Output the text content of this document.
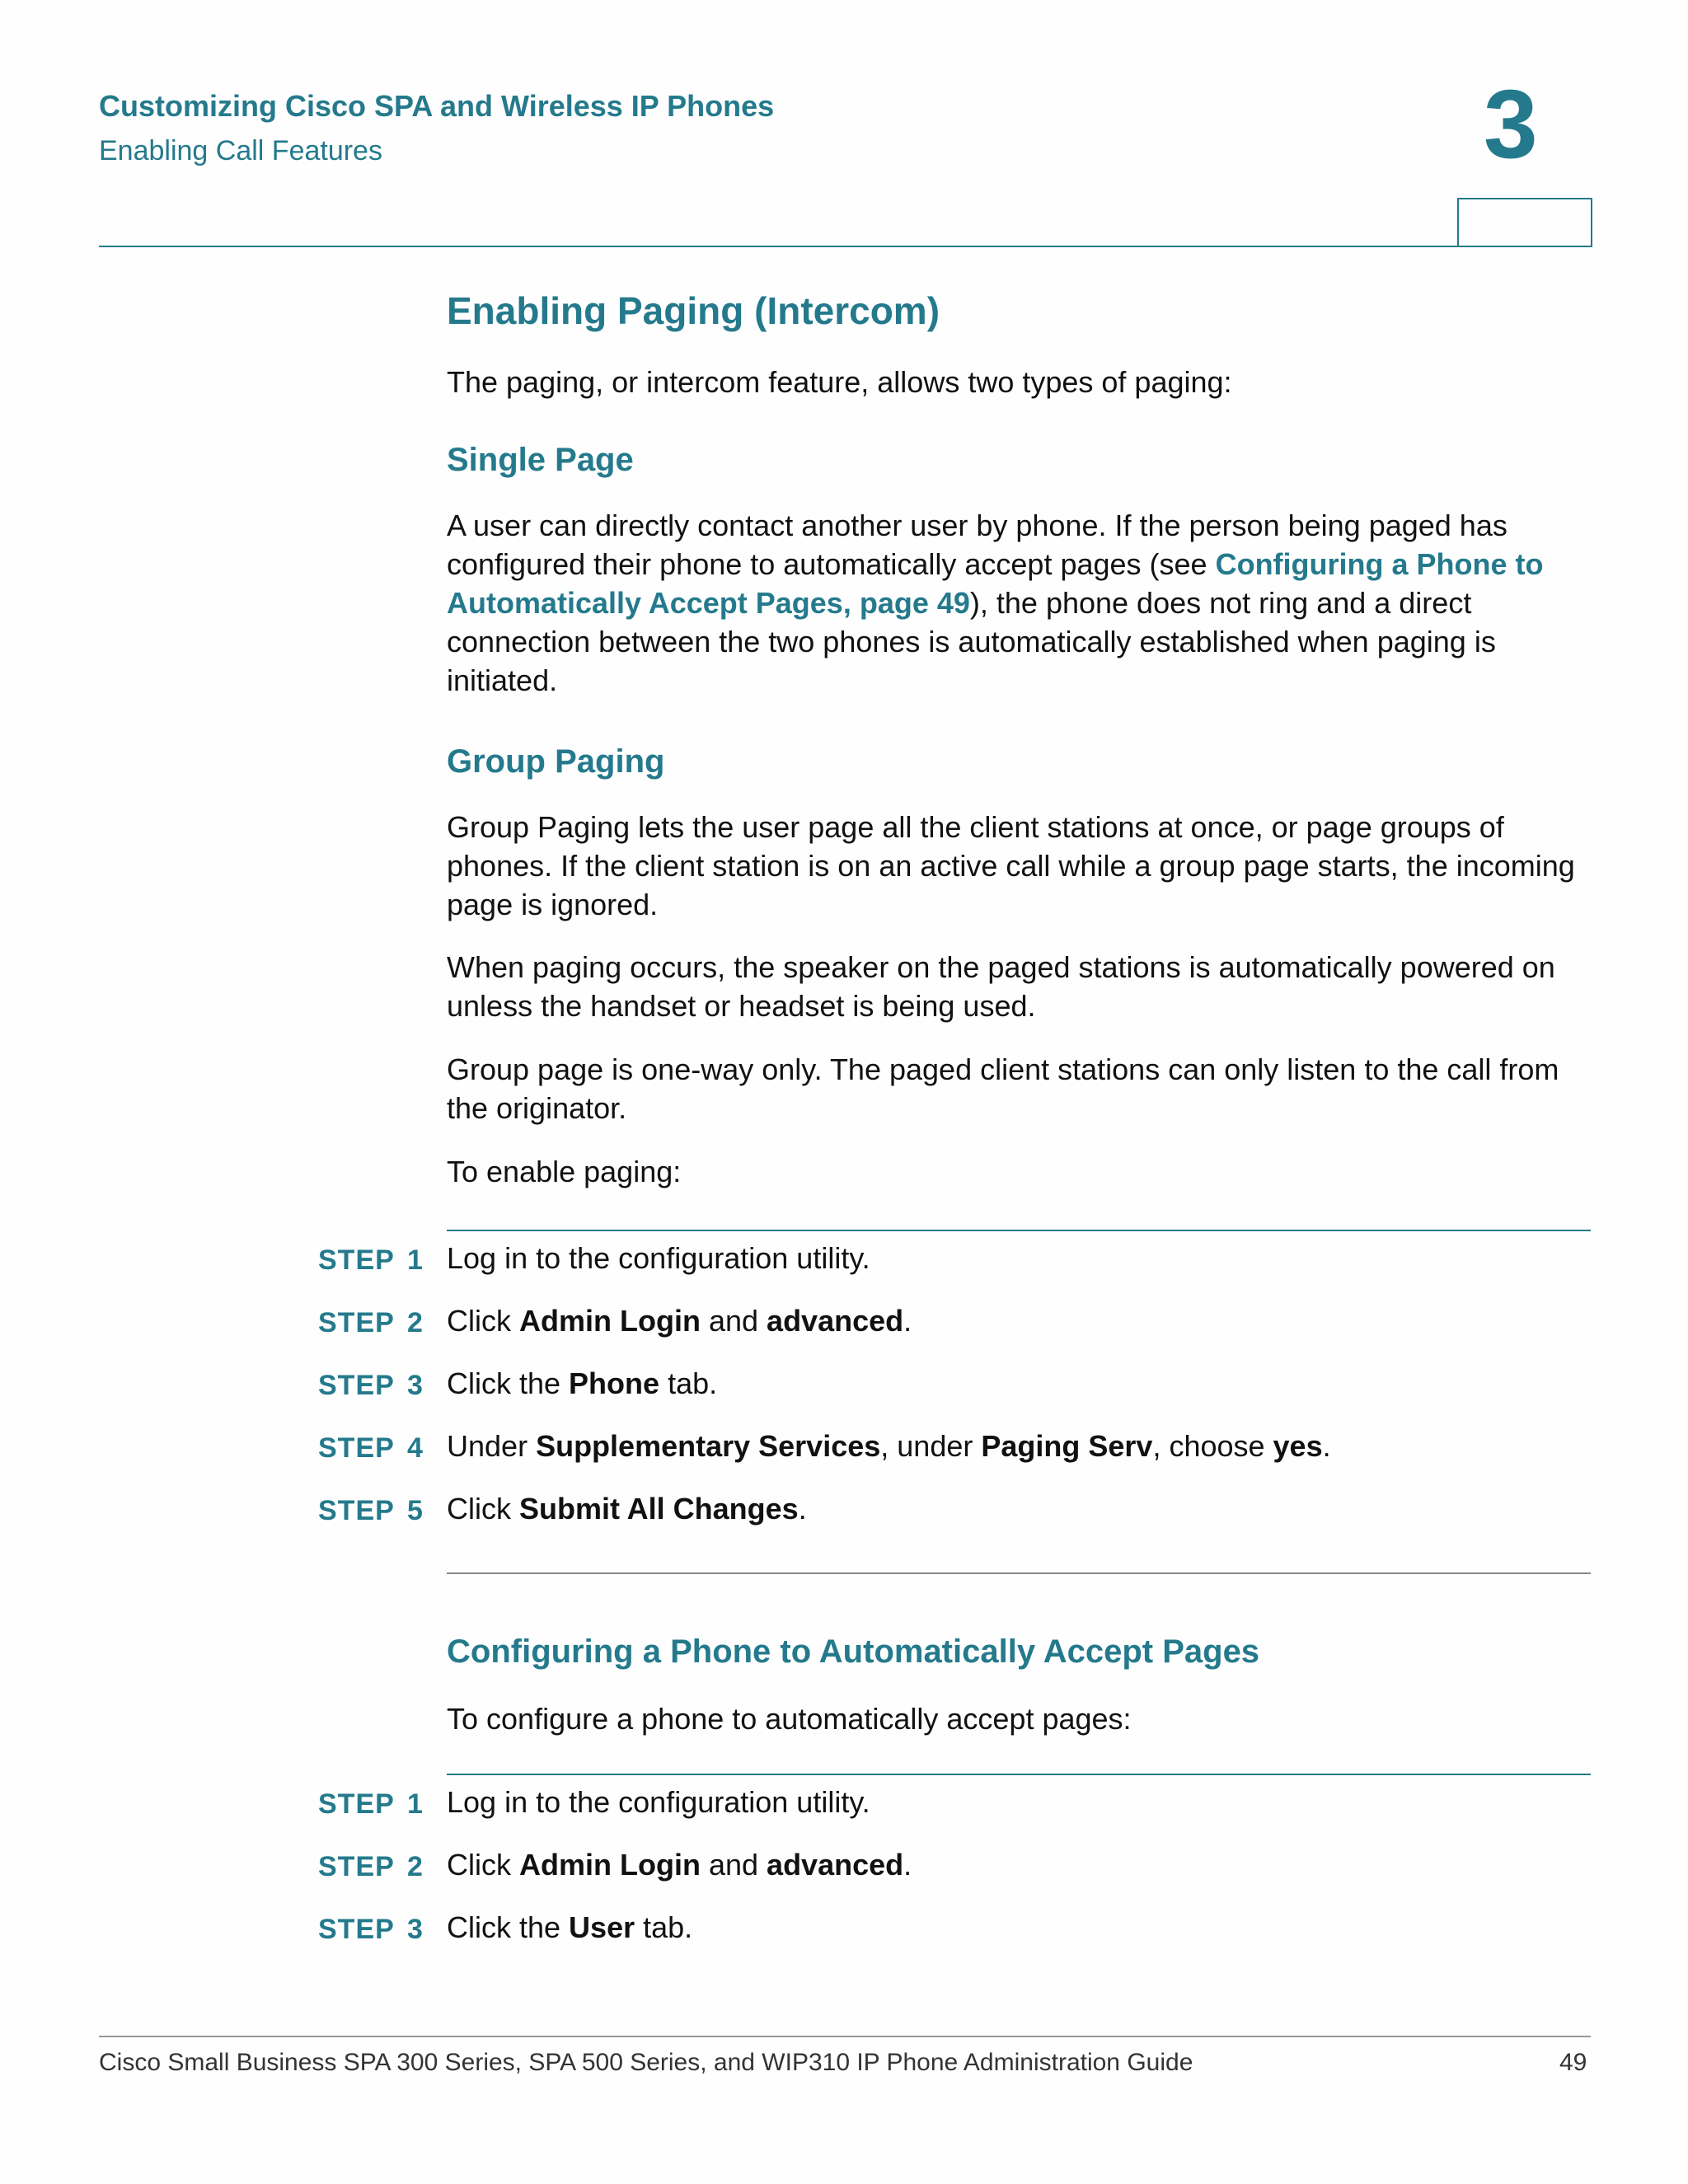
Customizing Cisco SPA and Wireless IP Phones
Enabling Call Features	3
Enabling Paging (Intercom)
The paging, or intercom feature, allows two types of paging:
Single Page
A user can directly contact another user by phone. If the person being paged has configured their phone to automatically accept pages (see Configuring a Phone to Automatically Accept Pages, page 49), the phone does not ring and a direct connection between the two phones is automatically established when paging is initiated.
Group Paging
Group Paging lets the user page all the client stations at once, or page groups of phones. If the client station is on an active call while a group page starts, the incoming page is ignored.
When paging occurs, the speaker on the paged stations is automatically powered on unless the handset or headset is being used.
Group page is one-way only. The paged client stations can only listen to the call from the originator.
To enable paging:
STEP 1 Log in to the configuration utility.
STEP 2 Click Admin Login and advanced.
STEP 3 Click the Phone tab.
STEP 4 Under Supplementary Services, under Paging Serv, choose yes.
STEP 5 Click Submit All Changes.
Configuring a Phone to Automatically Accept Pages
To configure a phone to automatically accept pages:
STEP 1 Log in to the configuration utility.
STEP 2 Click Admin Login and advanced.
STEP 3 Click the User tab.
Cisco Small Business SPA 300 Series, SPA 500 Series, and WIP310 IP Phone Administration Guide	49
